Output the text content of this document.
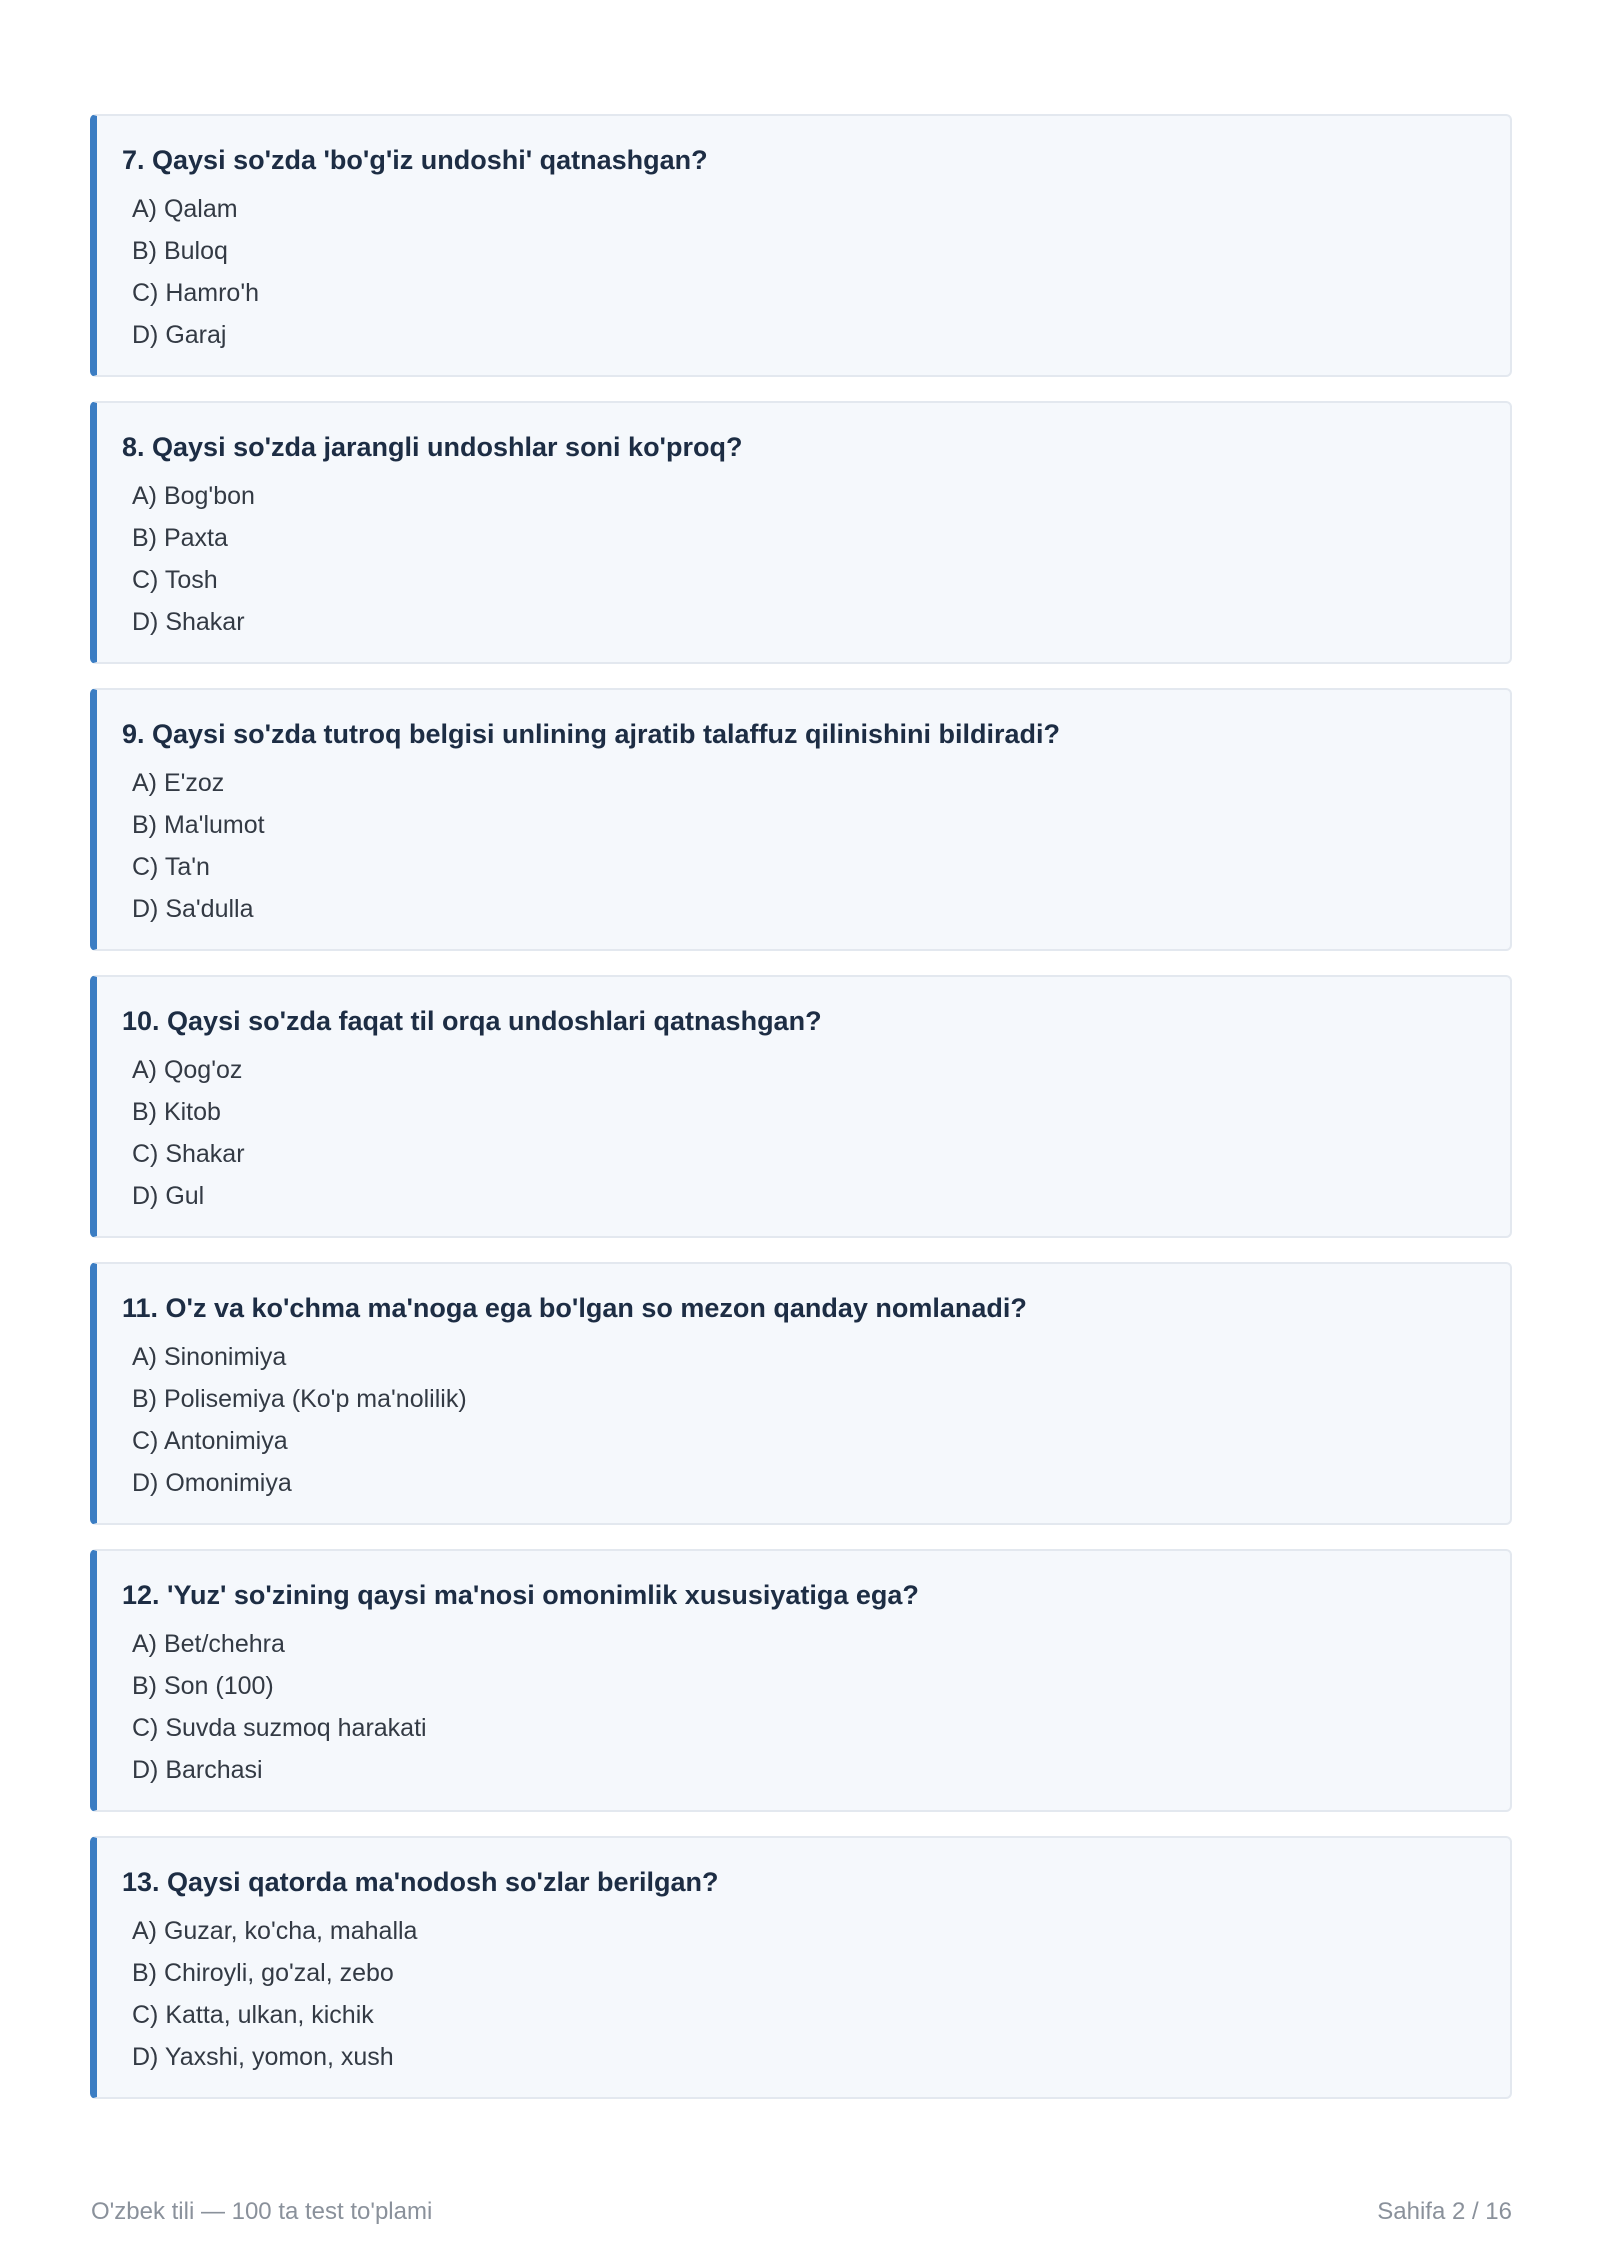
7. Qaysi so'zda 'bo'g'iz undoshi' qatnashgan?
A) Qalam
B) Buloq
C) Hamro'h
D) Garaj
8. Qaysi so'zda jarangli undoshlar soni ko'proq?
A) Bog'bon
B) Paxta
C) Tosh
D) Shakar
9. Qaysi so'zda tutroq belgisi unlining ajratib talaffuz qilinishini bildiradi?
A) E'zoz
B) Ma'lumot
C) Ta'n
D) Sa'dulla
10. Qaysi so'zda faqat til orqa undoshlari qatnashgan?
A) Qog'oz
B) Kitob
C) Shakar
D) Gul
11. O'z va ko'chma ma'noga ega bo'lgan so mezon qanday nomlanadi?
A) Sinonimiya
B) Polisemiya (Ko'p ma'nolilik)
C) Antonimiya
D) Omonimiya
12. 'Yuz' so'zining qaysi ma'nosi omonimlik xususiyatiga ega?
A) Bet/chehra
B) Son (100)
C) Suvda suzmoq harakati
D) Barchasi
13. Qaysi qatorda ma'nodosh so'zlar berilgan?
A) Guzar, ko'cha, mahalla
B) Chiroyli, go'zal, zebo
C) Katta, ulkan, kichik
D) Yaxshi, yomon, xush
O'zbek tili — 100 ta test to'plami	Sahifa 2 / 16
